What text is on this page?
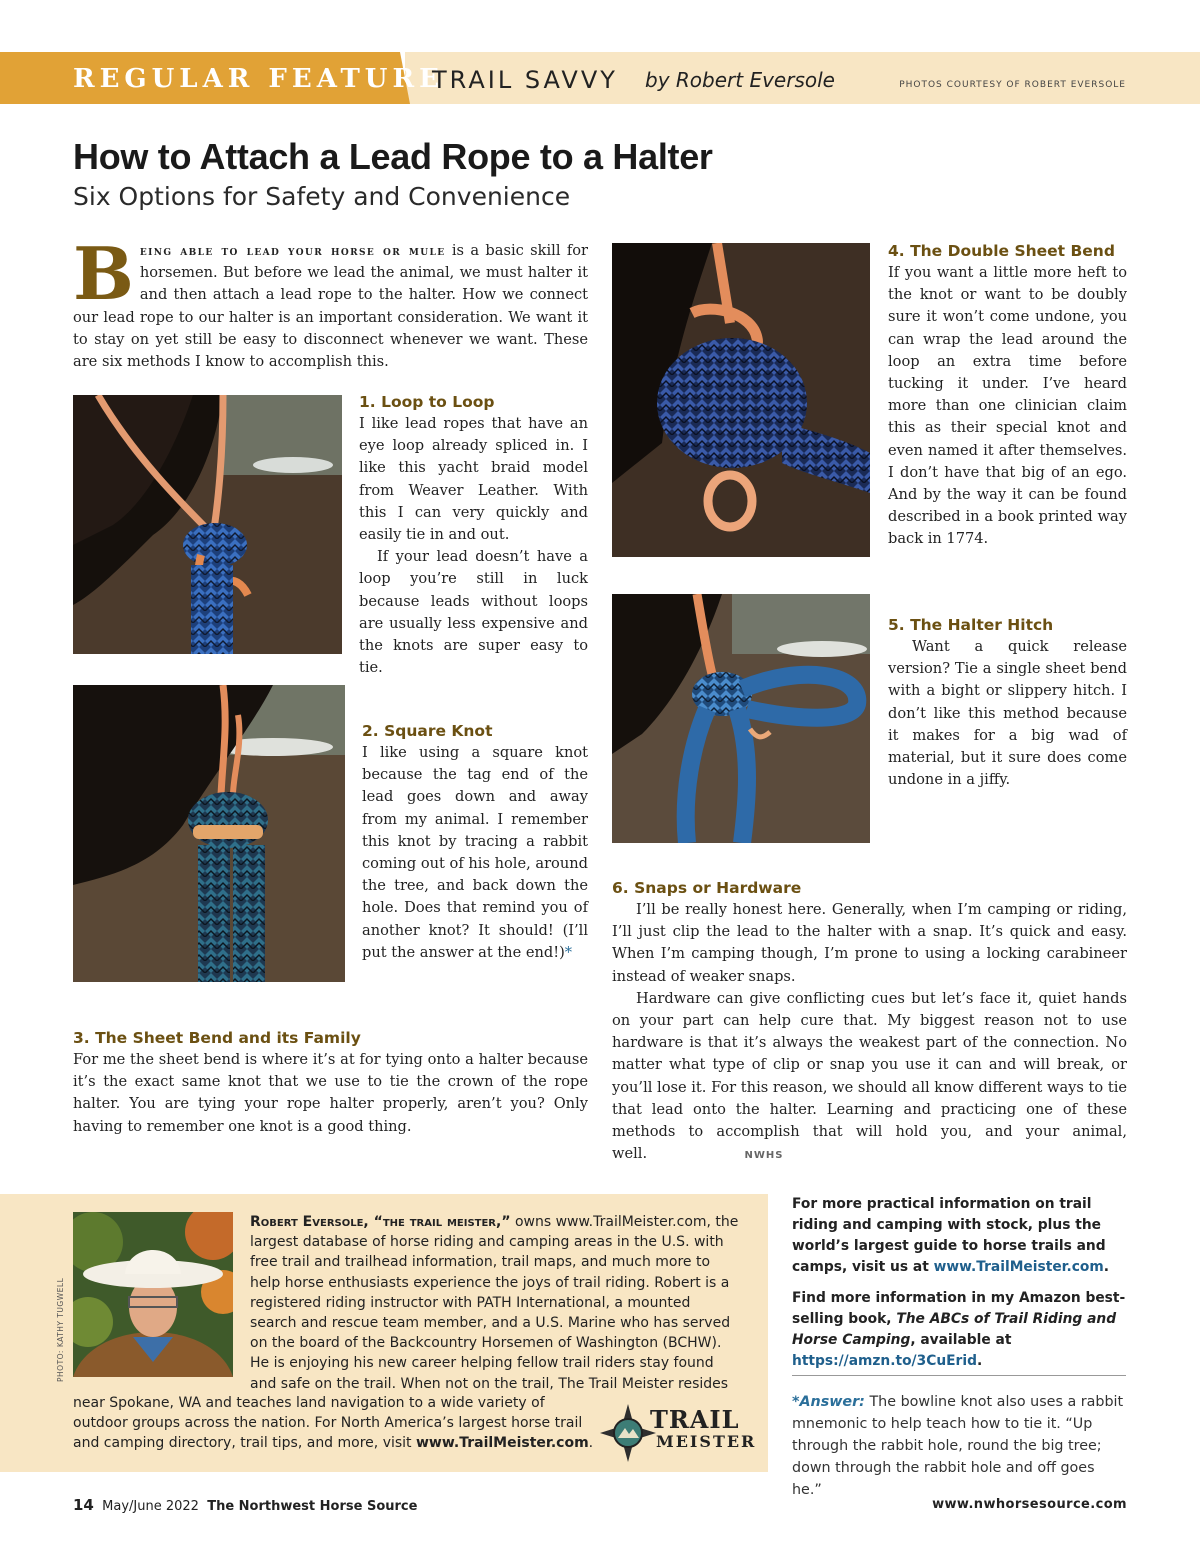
REGULAR FEATURE
TRAIL SAVVY by Robert Eversole	PHOTOS COURTESY OF ROBERT EVERSOLE
How to Attach a Lead Rope to a Halter
Six Options for Safety and Convenience
Being able to lead your horse or mule is a basic skill for horsemen. But before we lead the animal, we must halter it and then attach a lead rope to the halter. How we connect our lead rope to our halter is an important consideration. We want it to stay on yet still be easy to disconnect whenever we want. These are six methods I know to accomplish this.
1. Loop to Loop

I like lead ropes that have an eye loop already spliced in. I like this yacht braid model from Weaver Leather. With this I can very quickly and easily tie in and out.

If your lead doesn’t have a loop you’re still in luck because leads without loops are usually less expensive and the knots are super easy to tie.

2. Square Knot

I like using a square knot because the tag end of the lead goes down and away from my animal. I remember this knot by tracing a rabbit coming out of his hole, around the tree, and back down the hole. Does that remind you of another knot? It should! (I’ll put the answer at the end!)*

3. The Sheet Bend and its Family

For me the sheet bend is where it’s at for tying onto a halter because it’s the exact same knot that we use to tie the crown of the rope halter. You are tying your rope halter properly, aren’t you? Only having to remember one knot is a good thing.

4. The Double Sheet Bend

If you want a little more heft to the knot or want to be doubly sure it won’t come undone, you can wrap the lead around the loop an extra time before tucking it under. I’ve heard more than one clinician claim this as their special knot and even named it after themselves. I don’t have that big of an ego. And by the way it can be found described in a book printed way back in 1774.

5. The Halter Hitch

Want a quick release version? Tie a single sheet bend with a bight or slippery hitch. I don’t like this method because it makes for a big wad of material, but it sure does come undone in a jiffy.

6. Snaps or Hardware

I’ll be really honest here. Generally, when I’m camping or riding, I’ll just clip the lead to the halter with a snap. It’s quick and easy. When I’m camping though, I’m prone to using a locking carabineer instead of weaker snaps.

Hardware can give conflicting cues but let’s face it, quiet hands on your part can help cure that. My biggest reason not to use hardware is that it’s always the weakest part of the connection. No matter what type of clip or snap you use it can and will break, or you’ll lose it. For this reason, we should all know different ways to tie that lead onto the halter. Learning and practicing one of these methods to accomplish that will hold you, and your animal, well.	NWHS

PHOTO: KATHY TUGWELL
Robert Eversole, “the trail meister,” owns www.TrailMeister.com, the largest database of horse riding and camping areas in the U.S. with free trail and trailhead information, trail maps, and much more to help horse enthusiasts experience the joys of trail riding. Robert is a registered riding instructor with PATH International, a mounted search and rescue team member, and a U.S. Marine who has served on the board of the Backcountry Horsemen of Washington (BCHW). He is enjoying his new career helping fellow trail riders stay found and safe on the trail. When not on the trail, The Trail Meister resides
near Spokane, WA and teaches land navigation to a wide variety of outdoor groups across the nation. For North America’s largest horse trail and camping directory, trail tips, and more, visit www.TrailMeister.com.
TRAIL
MEISTER
For more practical information on trail riding and camping with stock, plus the world’s largest guide to horse trails and camps, visit us at www.TrailMeister.com.
Find more information in my Amazon best-selling book, The ABCs of Trail Riding and Horse Camping, available at https://amzn.to/3CuErid.
*Answer: The bowline knot also uses a rabbit mnemonic to help teach how to tie it. “Up through the rabbit hole, round the big tree; down through the rabbit hole and off goes he.”
14 May/June 2022 The Northwest Horse Source	www.nwhorsesource.com
